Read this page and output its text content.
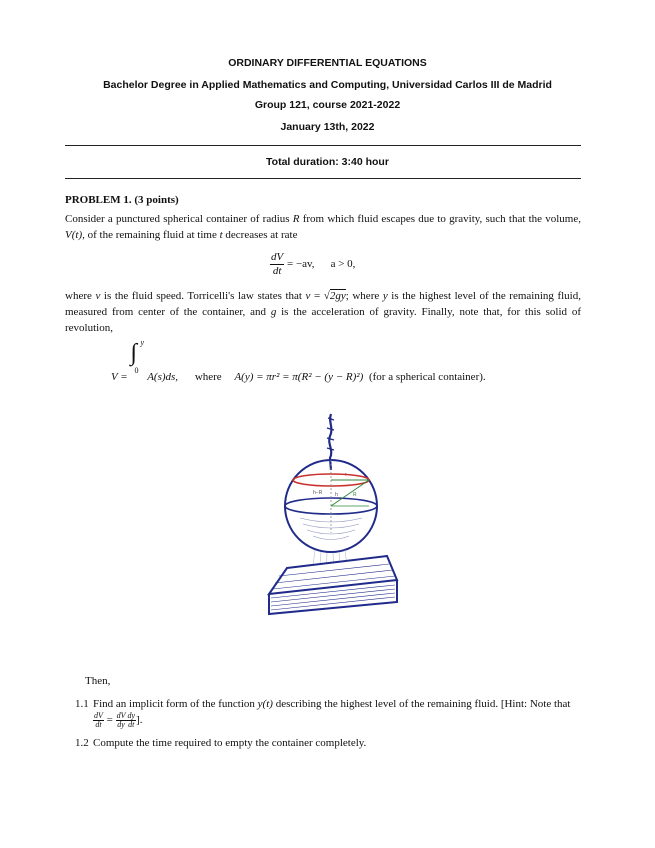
ORDINARY DIFFERENTIAL EQUATIONS
Bachelor Degree in Applied Mathematics and Computing, Universidad Carlos III de Madrid
Group 121, course 2021-2022
January 13th, 2022
Total duration: 3:40 hour
PROBLEM 1. (3 points)
Consider a punctured spherical container of radius R from which fluid escapes due to gravity, such that the volume, V(t), of the remaining fluid at time t decreases at rate
$\frac{dV}{dt} = -av$, a > 0,
where v is the fluid speed. Torricelli's law states that v = √2gy; where y is the highest level of the remaining fluid, measured from center of the container, and g is the acceleration of gravity. Finally, note that, for this solid of revolution,
V =
∫ y
0
A(s)ds, where A(y) = πr² = π(R² − (y − R)²) (for a spherical container).
r
R
h
h−R
Then,
1.1 Find an implicit form of the function y(t) describing the highest level of the remaining fluid. [Hint: Note that
$\frac{dV}{dt} = \frac{dV}{dy} \frac{dy}{dt}$ ].
1.2 Compute the time required to empty the container completely.
